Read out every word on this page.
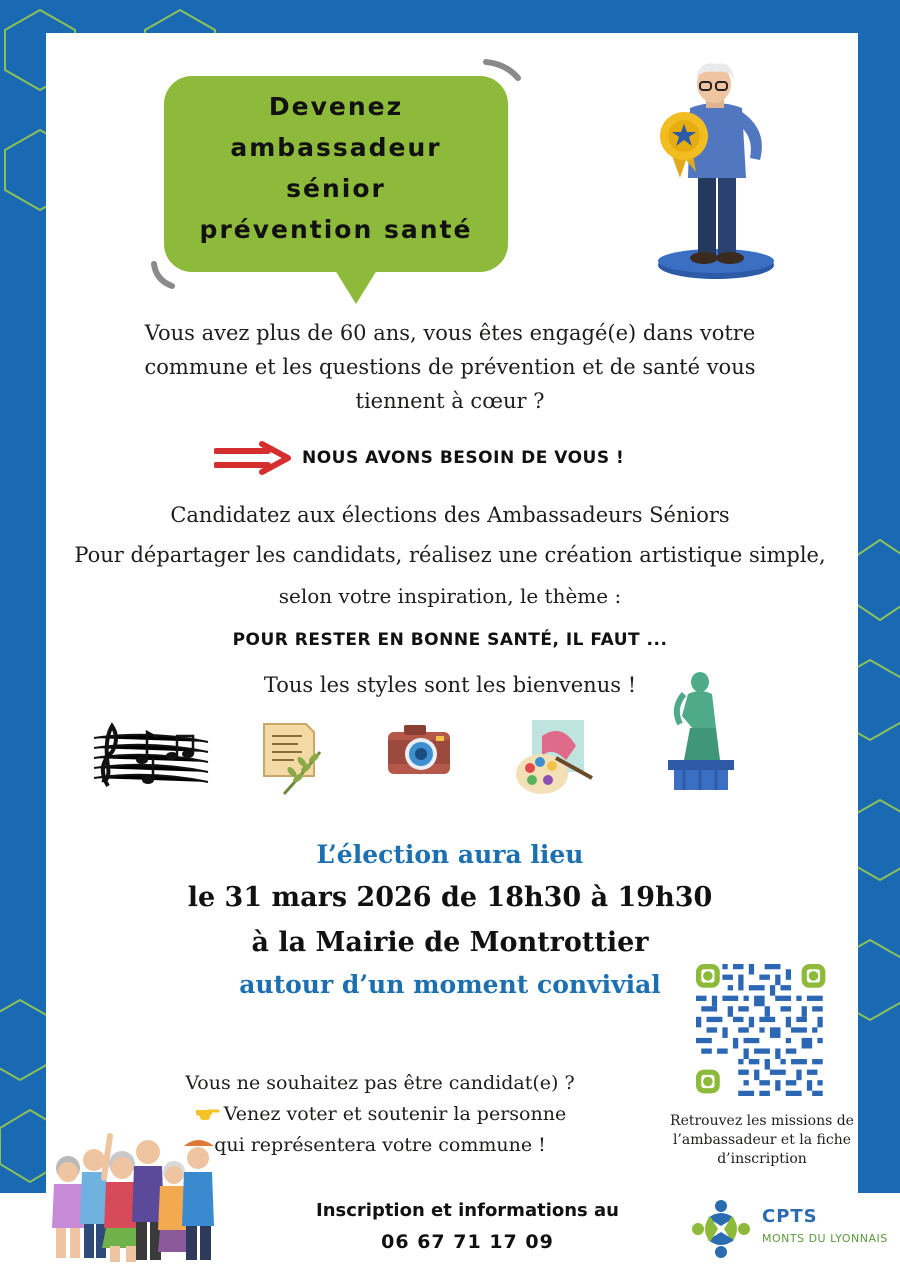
Devenez
ambassadeur
sénior
prévention santé
Vous avez plus de 60 ans, vous êtes engagé(e) dans votre
commune et les questions de prévention et de santé vous
tiennent à cœur ?
NOUS AVONS BESOIN DE VOUS !
Candidatez aux élections des Ambassadeurs Séniors
Pour départager les candidats, réalisez une création artistique simple,
selon votre inspiration, le thème :
POUR RESTER EN BONNE SANTÉ, IL FAUT ...
Tous les styles sont les bienvenus !
L’élection aura lieu
le 31 mars 2026 de 18h30 à 19h30
à la Mairie de Montrottier
autour d’un moment convivial
Retrouvez les missions de
l’ambassadeur et la fiche
d’inscription
Vous ne souhaitez pas être candidat(e) ?
Venez voter et soutenir la personne
qui représentera votre commune !
Inscription et informations au
06 67 71 17 09
CPTS
MONTS DU LYONNAIS
